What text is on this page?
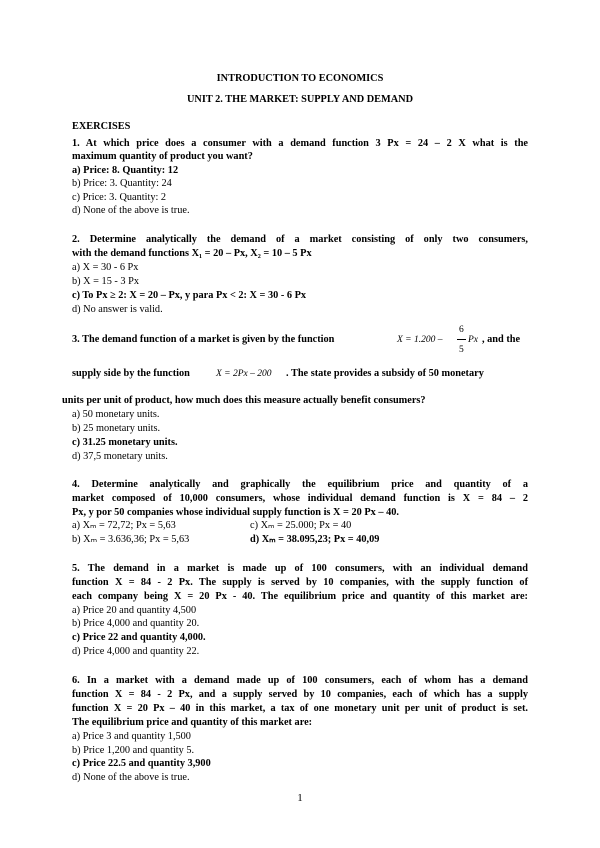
INTRODUCTION TO ECONOMICS
UNIT 2. THE MARKET: SUPPLY AND DEMAND
EXERCISES
1. At which price does a consumer with a demand function 3 Px = 24 – 2 X what is the
maximum quantity of product you want?
a) Price: 8. Quantity: 12
b) Price: 3. Quantity: 24
c) Price: 3. Quantity: 2
d) None of the above is true.
2. Determine analytically the demand of a market consisting of only two consumers,
with the demand functions X₁ = 20 – Px, X₂ = 10 – 5 Px
a) X = 30 - 6 Px
b) X = 15 - 3 Px
c) To Px ≥ 2: X = 20 – Px, y para Px < 2: X = 30 - 6 Px
d) No answer is valid.
3. The demand function of a market is given by the function	X = 1.200 –
6
5
Px , and the
supply side by the function	X = 2Px – 200 . The state provides a subsidy of 50 monetary
units per unit of product, how much does this measure actually benefit consumers?
a) 50 monetary units.
b) 25 monetary units.
c) 31.25 monetary units.
d) 37,5 monetary units.
4. Determine analytically and graphically the equilibrium price and quantity of a
market composed of 10,000 consumers, whose individual demand function is X = 84 – 2
Px, y por 50 companies whose individual supply function is X = 20 Px – 40.
a) Xₘ = 72,72; Px = 5,63	c) Xₘ = 25.000; Px = 40
b) Xₘ = 3.636,36; Px = 5,63	d) Xₘ = 38.095,23; Px = 40,09
5. The demand in a market is made up of 100 consumers, with an individual demand
function X = 84 - 2 Px. The supply is served by 10 companies, with the supply function of
each company being X = 20 Px - 40. The equilibrium price and quantity of this market are:
a) Price 20 and quantity 4,500
b) Price 4,000 and quantity 20.
c) Price 22 and quantity 4,000.
d) Price 4,000 and quantity 22.
6. In a market with a demand made up of 100 consumers, each of whom has a demand
function X = 84 - 2 Px, and a supply served by 10 companies, each of which has a supply
function X = 20 Px – 40 in this market, a tax of one monetary unit per unit of product is set.
The equilibrium price and quantity of this market are:
a) Price 3 and quantity 1,500
b) Price 1,200 and quantity 5.
c) Price 22.5 and quantity 3,900
d) None of the above is true.
1
